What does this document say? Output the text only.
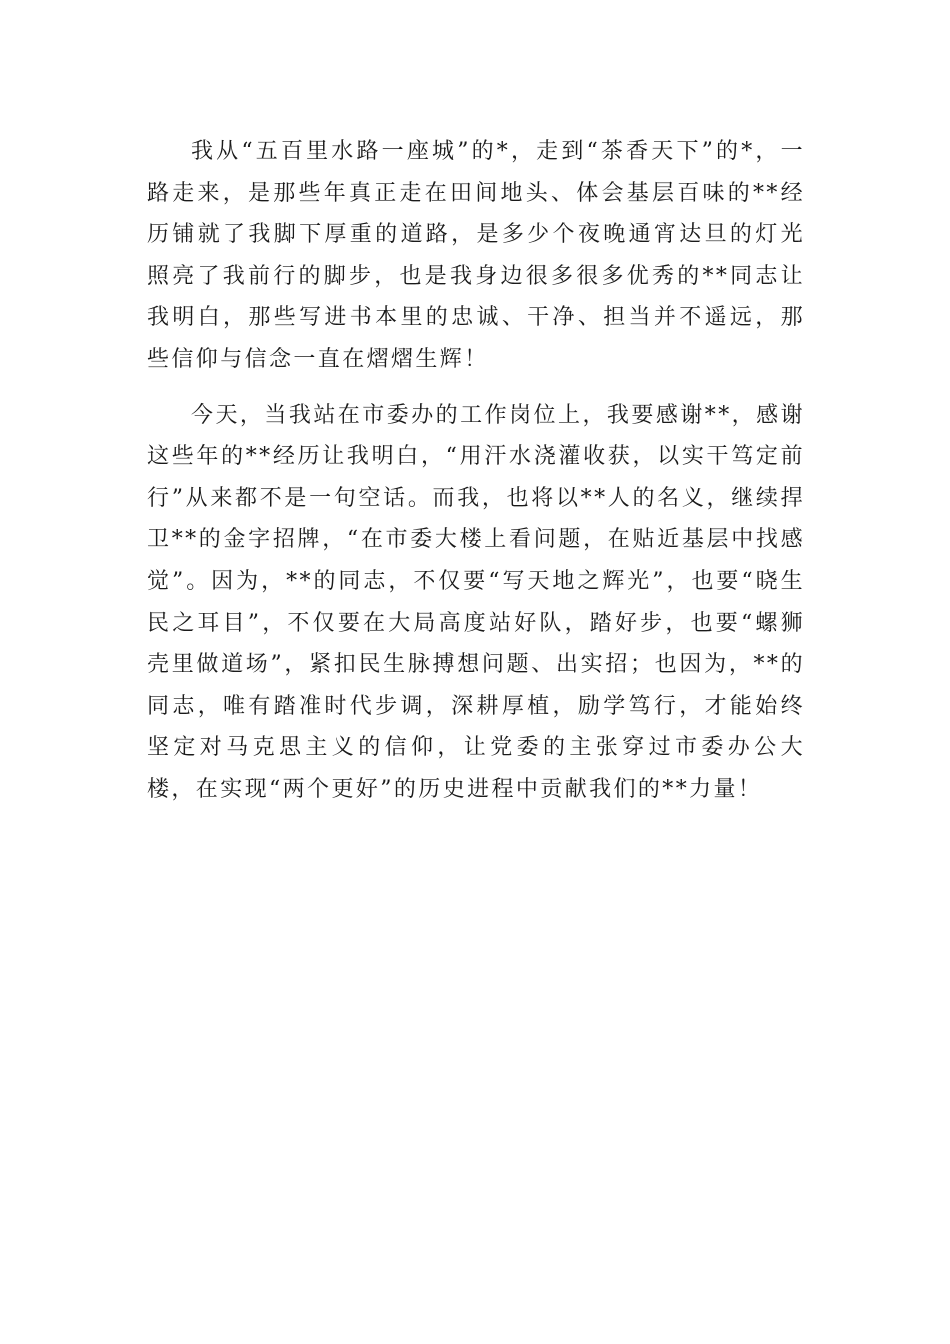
我从“五百里水路一座城”的*，走到“茶香天下”的*，一路走来，是那些年真正走在田间地头、体会基层百味的**经历铺就了我脚下厚重的道路，是多少个夜晚通宵达旦的灯光照亮了我前行的脚步，也是我身边很多很多优秀的**同志让我明白，那些写进书本里的忠诚、干净、担当并不遥远，那些信仰与信念一直在熠熠生辉！

今天，当我站在市委办的工作岗位上，我要感谢**，感谢这些年的**经历让我明白，“用汗水浇灌收获，以实干笃定前行”从来都不是一句空话。而我，也将以**人的名义，继续捍卫**的金字招牌，“在市委大楼上看问题，在贴近基层中找感觉”。因为，**的同志，不仅要“写天地之辉光”，也要“晓生民之耳目”，不仅要在大局高度站好队，踏好步，也要“螺狮壳里做道场”，紧扣民生脉搏想问题、出实招；也因为，**的同志，唯有踏准时代步调，深耕厚植，励学笃行，才能始终坚定对马克思主义的信仰，让党委的主张穿过市委办公大楼，在实现“两个更好”的历史进程中贡献我们的**力量！
